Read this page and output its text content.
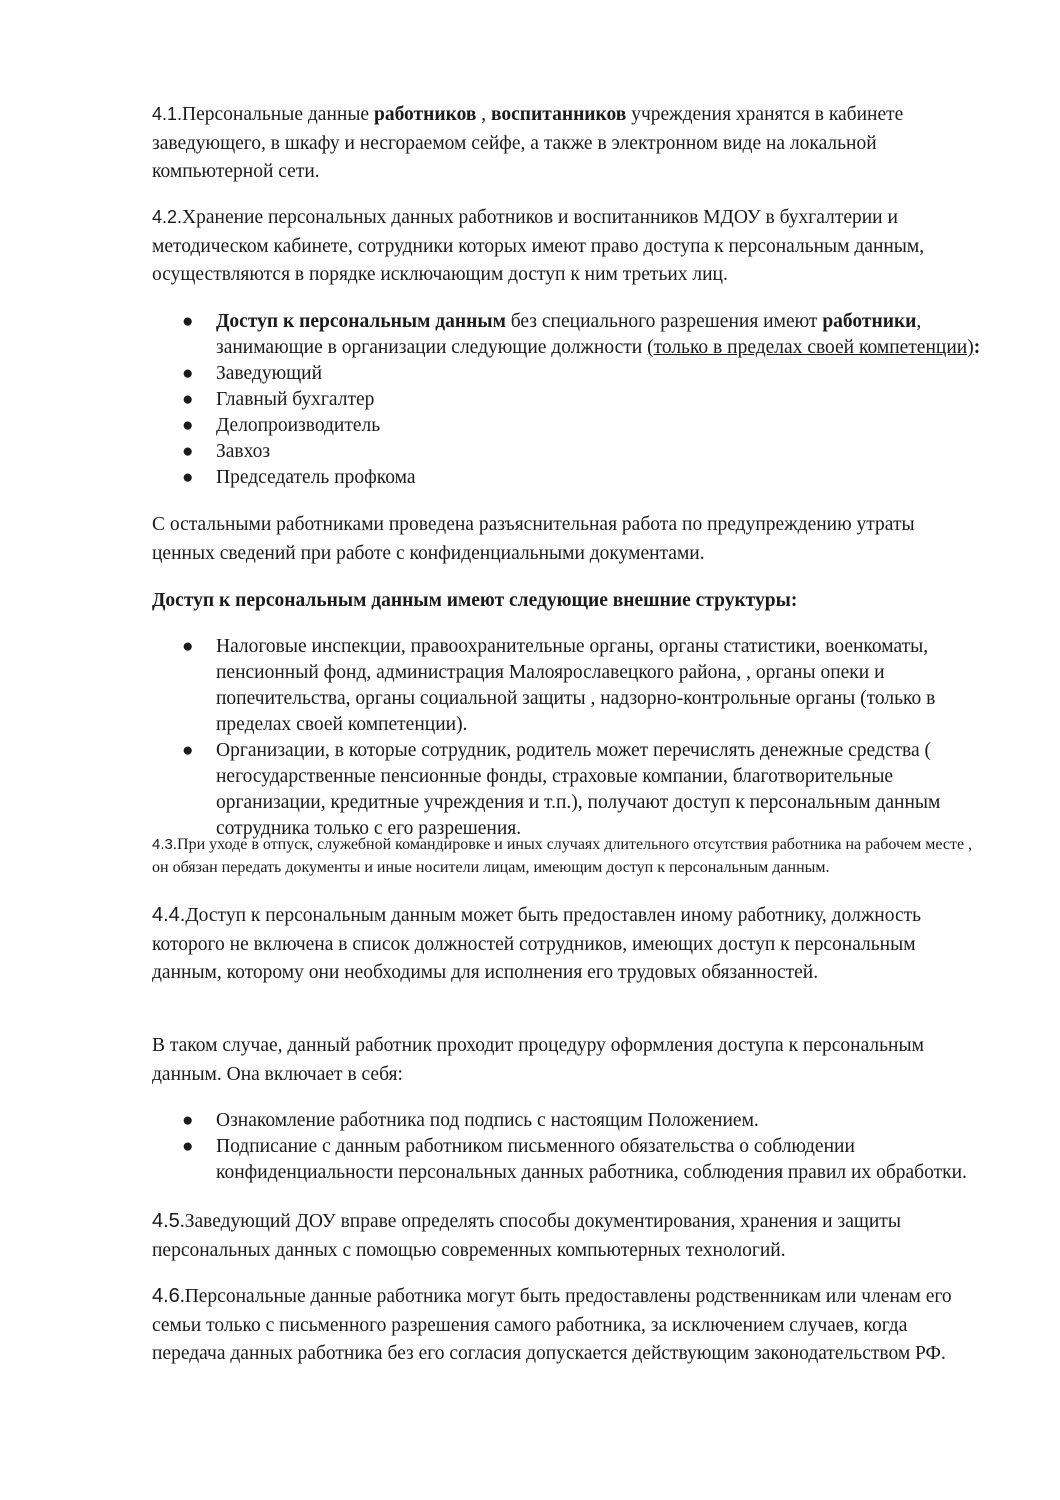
4.1.Персональные данные работников , воспитанников учреждения хранятся в кабинете заведующего, в шкафу и несгораемом сейфе, а также в электронном виде на локальной компьютерной сети.

4.2.Хранение персональных данных работников и воспитанников МДОУ в бухгалтерии и методическом кабинете, сотрудники которых имеют право доступа к персональным данным, осуществляются в порядке исключающим доступ к ним третьих лиц.

● Доступ к персональным данным без специального разрешения имеют работники, занимающие в организации следующие должности (только в пределах своей компетенции):
● Заведующий
● Главный бухгалтер
● Делопроизводитель
● Завхоз
● Председатель профкома

С остальными работниками проведена разъяснительная работа по предупреждению утраты ценных сведений при работе с конфиденциальными документами.

Доступ к персональным данным имеют следующие внешние структуры:

● Налоговые инспекции, правоохранительные органы, органы статистики, военкоматы, пенсионный фонд, администрация Малоярославецкого района, , органы опеки и попечительства, органы социальной защиты , надзорно-контрольные органы (только в пределах своей компетенции).
● Организации, в которые сотрудник, родитель может перечислять денежные средства ( негосударственные пенсионные фонды, страховые компании, благотворительные организации, кредитные учреждения и т.п.), получают доступ к персональным данным сотрудника только с его разрешения.

4.3.При уходе в отпуск, служебной командировке и иных случаях длительного отсутствия работника на рабочем месте , он обязан передать документы и иные носители лицам, имеющим доступ к персональным данным.

4.4.Доступ к персональным данным может быть предоставлен иному работнику, должность которого не включена в список должностей сотрудников, имеющих доступ к персональным данным, которому они необходимы для исполнения его трудовых обязанностей.

В таком случае, данный работник проходит процедуру оформления доступа к персональным данным. Она включает в себя:

● Ознакомление работника под подпись с настоящим Положением.
● Подписание с данным работником письменного обязательства о соблюдении конфиденциальности персональных данных работника, соблюдения правил их обработки.

4.5.Заведующий ДОУ вправе определять способы документирования, хранения и защиты персональных данных с помощью современных компьютерных технологий.

4.6.Персональные данные работника могут быть предоставлены родственникам или членам его семьи только с письменного разрешения самого работника, за исключением случаев, когда передача данных работника без его согласия допускается действующим законодательством РФ.
